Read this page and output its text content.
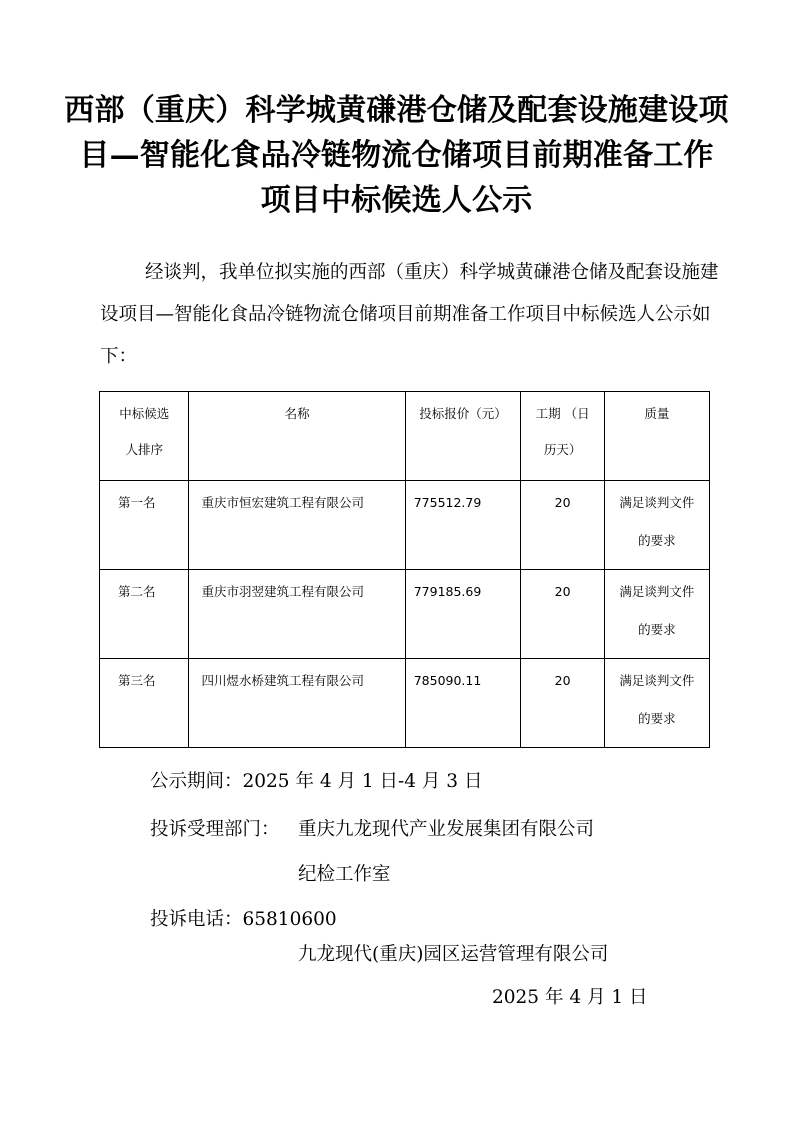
西部（重庆）科学城黄磏港仓储及配套设施建设项
目—智能化食品冷链物流仓储项目前期准备工作
项目中标候选人公示

经谈判，我单位拟实施的西部（重庆）科学城黄磏港仓储及配套设施建设项目—智能化食品冷链物流仓储项目前期准备工作项目中标候选人公示如下：

中标候选
人排序	名称	投标报价（元）	工期 （日
历天）	质量

第一名	重庆市恒宏建筑工程有限公司	775512.79	20	满足谈判文件
的要求

第二名	重庆市羽翌建筑工程有限公司	779185.69	20	满足谈判文件
的要求

第三名	四川煜水桥建筑工程有限公司	785090.11	20	满足谈判文件
的要求
公示期间：2025 年 4 月 1 日-4 月 3 日
投诉受理部门： 重庆九龙现代产业发展集团有限公司
纪检工作室
投诉电话：65810600
九龙现代(重庆)园区运营管理有限公司
2025 年 4 月 1 日
